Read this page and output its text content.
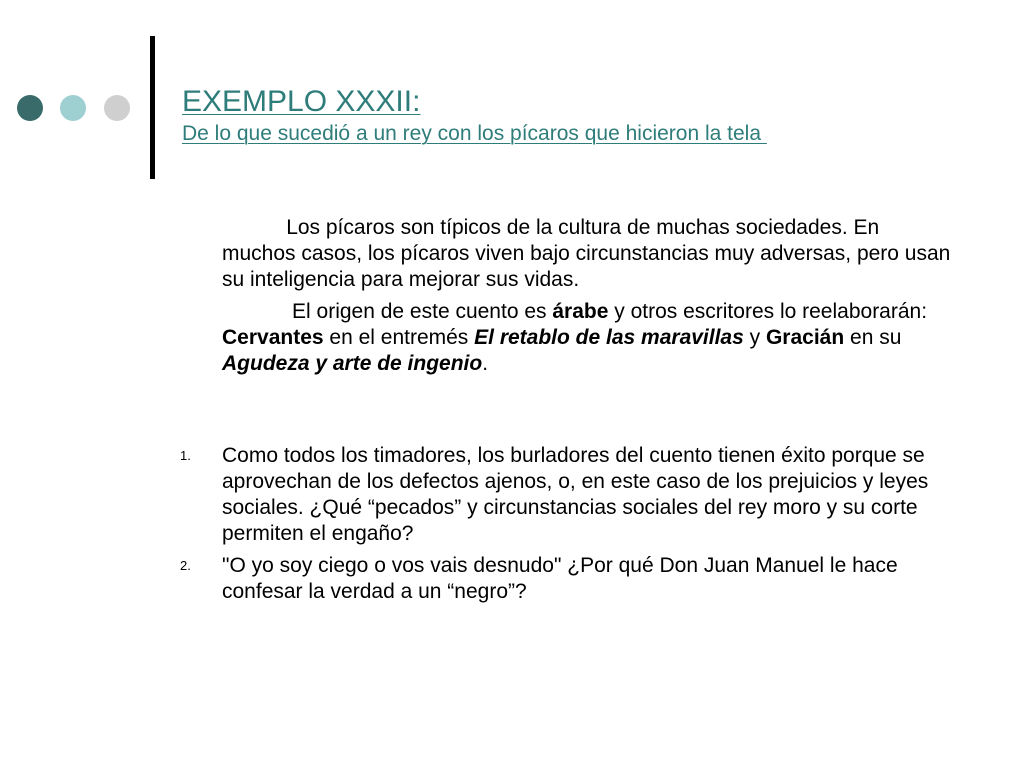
EXEMPLO XXXII:
De lo que sucedió a un rey con los pícaros que hicieron la tela

Los pícaros son típicos de la cultura de muchas sociedades. En muchos casos, los pícaros viven bajo circunstancias muy adversas, pero usan su inteligencia para mejorar sus vidas.

El origen de este cuento es árabe y otros escritores lo reelaborarán: Cervantes en el entremés El retablo de las maravillas y Gracián en su Agudeza y arte de ingenio.

1. Como todos los timadores, los burladores del cuento tienen éxito porque se aprovechan de los defectos ajenos, o, en este caso de los prejuicios y leyes sociales. ¿Qué “pecados” y circunstancias sociales del rey moro y su corte permiten el engaño?
2. "O yo soy ciego o vos vais desnudo" ¿Por qué Don Juan Manuel le hace confesar la verdad a un “negro”?
